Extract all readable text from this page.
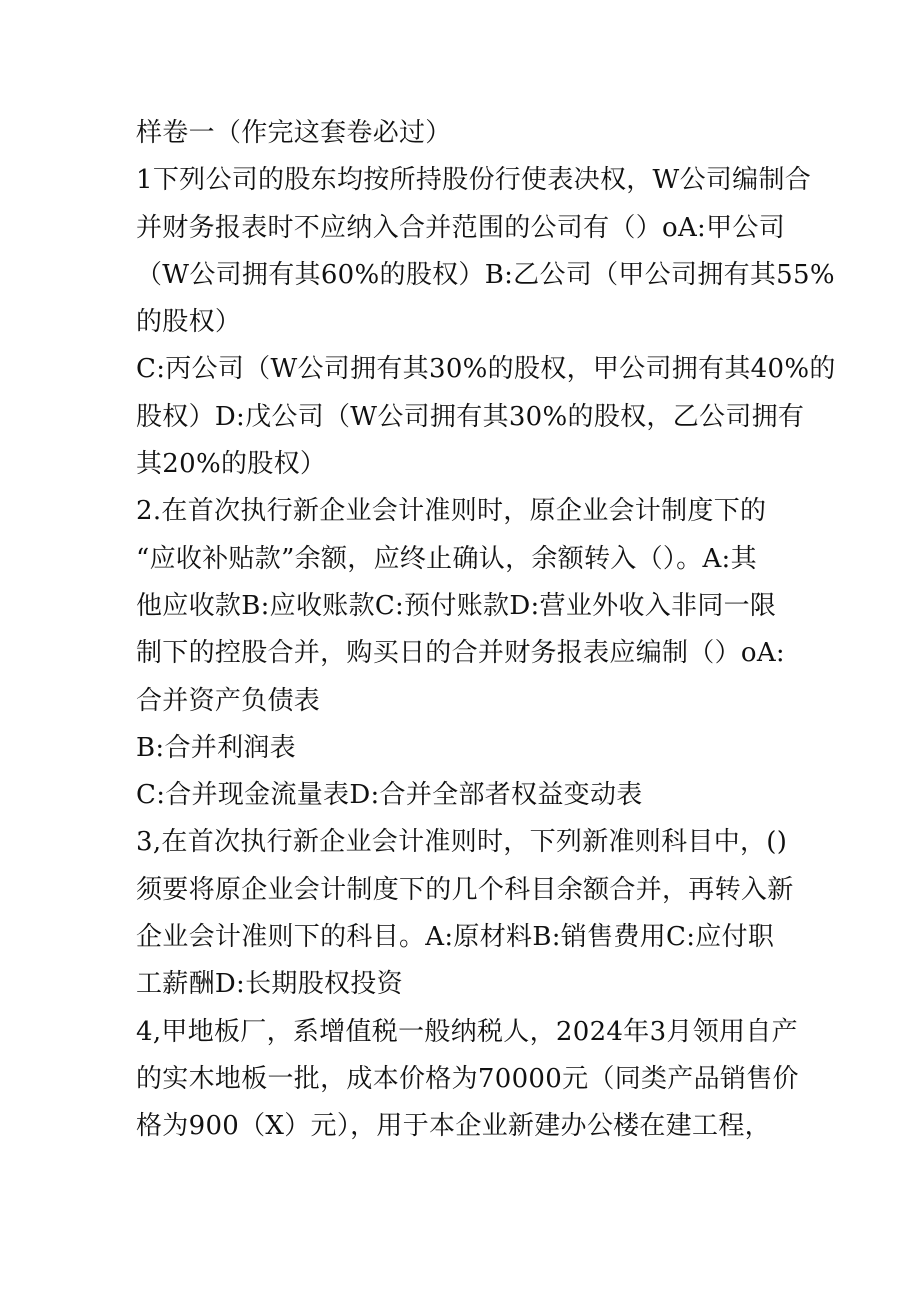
样卷一（作完这套卷必过）
1下列公司的股东均按所持股份行使表决权，W公司编制合
并财务报表时不应纳入合并范围的公司有（）oA:甲公司
（W公司拥有其60%的股权）B:乙公司（甲公司拥有其55%
的股权）
C:丙公司（W公司拥有其30%的股权，甲公司拥有其40%的
股权）D:戊公司（W公司拥有其30%的股权，乙公司拥有
其20%的股权）
2.在首次执行新企业会计准则时，原企业会计制度下的
“应收补贴款”余额，应终止确认，余额转入（）。A:其
他应收款B:应收账款C:预付账款D:营业外收入非同一限
制下的控股合并，购买日的合并财务报表应编制（）oA:
合并资产负债表
B:合并利润表
C:合并现金流量表D:合并全部者权益变动表
3,在首次执行新企业会计准则时，下列新准则科目中，()
须要将原企业会计制度下的几个科目余额合并，再转入新
企业会计准则下的科目。A:原材料B:销售费用C:应付职
工薪酬D:长期股权投资
4,甲地板厂，系增值税一般纳税人，2024年3月领用自产
的实木地板一批，成本价格为70000元（同类产品销售价
格为900（X）元），用于本企业新建办公楼在建工程，
